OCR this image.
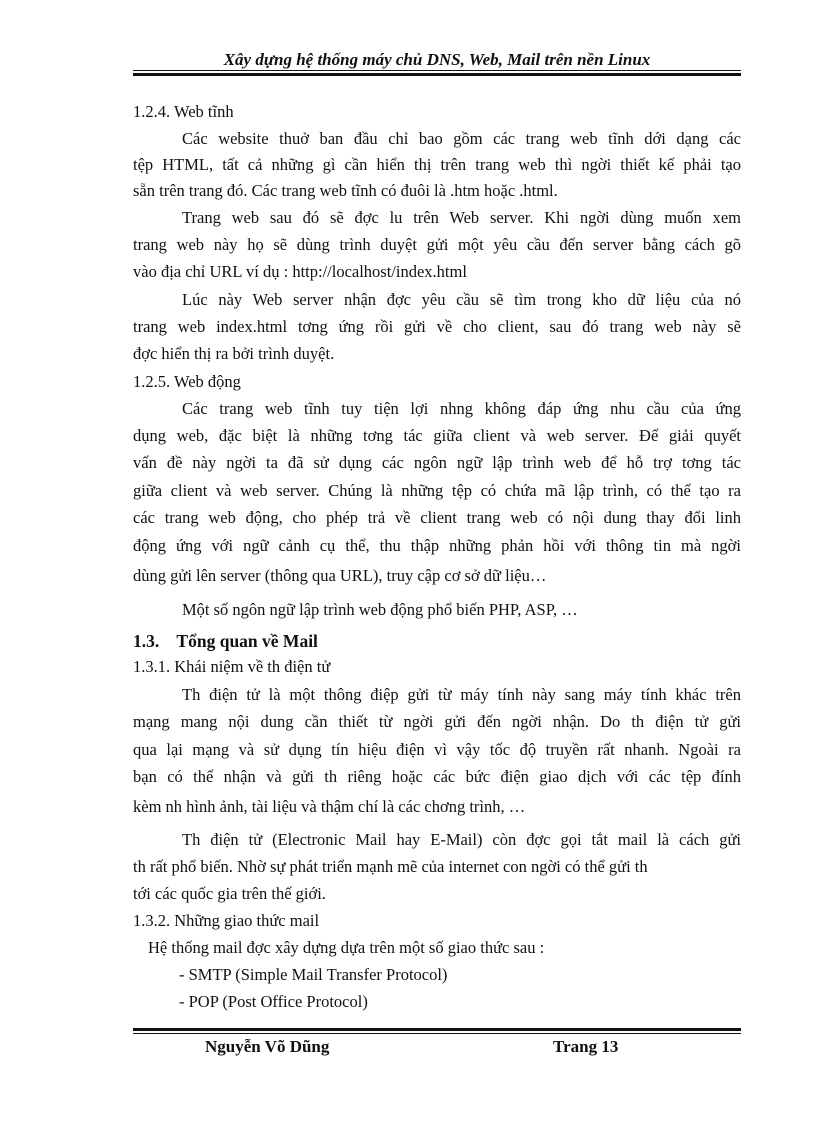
Xây dựng hệ thống máy chủ DNS, Web, Mail trên nền Linux
1.2.4. Web tĩnh
Các website thuở ban đầu chỉ bao gồm các trang web tĩnh dới dạng các
tệp HTML, tất cả những gì cần hiển thị trên trang web thì ngời thiết kế phải tạo
sẵn trên trang đó. Các trang web tĩnh có đuôi là .htm hoặc .html.
Trang web sau đó sẽ đợc lu trên Web server. Khi ngời dùng muốn xem
trang web này họ sẽ dùng trình duyệt gửi một yêu cầu đến server bằng cách gõ
vào địa chỉ URL ví dụ : http://localhost/index.html
Lúc này Web server nhận đợc yêu cầu sẽ tìm trong kho dữ liệu của nó
trang web index.html tơng ứng rồi gửi về cho client, sau đó trang web này sẽ
đợc hiển thị ra bởi trình duyệt.
1.2.5. Web động
Các trang web tĩnh tuy tiện lợi nhng không đáp ứng nhu cầu của ứng
dụng web, đặc biệt là những tơng tác giữa client và web server. Để giải quyết
vấn đề này ngời ta đã sử dụng các ngôn ngữ lập trình web để hỗ trợ tơng tác
giữa client và web server. Chúng là những tệp có chứa mã lập trình, có thể tạo ra
các trang web động, cho phép trả về client trang web có nội dung thay đổi linh
động ứng với ngữ cảnh cụ thể, thu thập những phản hồi với thông tin mà ngời
dùng gửi lên server (thông qua URL), truy cập cơ sở dữ liệu…
Một số ngôn ngữ lập trình web động phổ biến PHP, ASP, …
1.3.    Tổng quan về Mail
1.3.1. Khái niệm về th điện tử
Th điện tử là một thông điệp gửi từ máy tính này sang máy tính khác trên
mạng mang nội dung cần thiết từ ngời gửi đến ngời nhận. Do th điện tử gửi
qua lại mạng và sử dụng tín hiệu điện vì vậy tốc độ truyền rất nhanh. Ngoài ra
bạn có thể nhận và gửi th riêng hoặc các bức điện giao dịch với các tệp đính
kèm nh hình ảnh, tài liệu và thậm chí là các chơng trình, …
Th điện tử (Electronic Mail hay E-Mail) còn đợc gọi tắt mail là cách gửi
th rất phổ biến. Nhờ sự phát triển mạnh mẽ của internet con ngời có thể gửi th
tới các quốc gia trên thế giới.
1.3.2. Những giao thức mail
Hệ thống mail đợc xây dựng dựa trên một số giao thức sau :
- SMTP (Simple Mail Transfer Protocol)
- POP (Post Office Protocol)
Nguyễn Võ Dũng	Trang 13
